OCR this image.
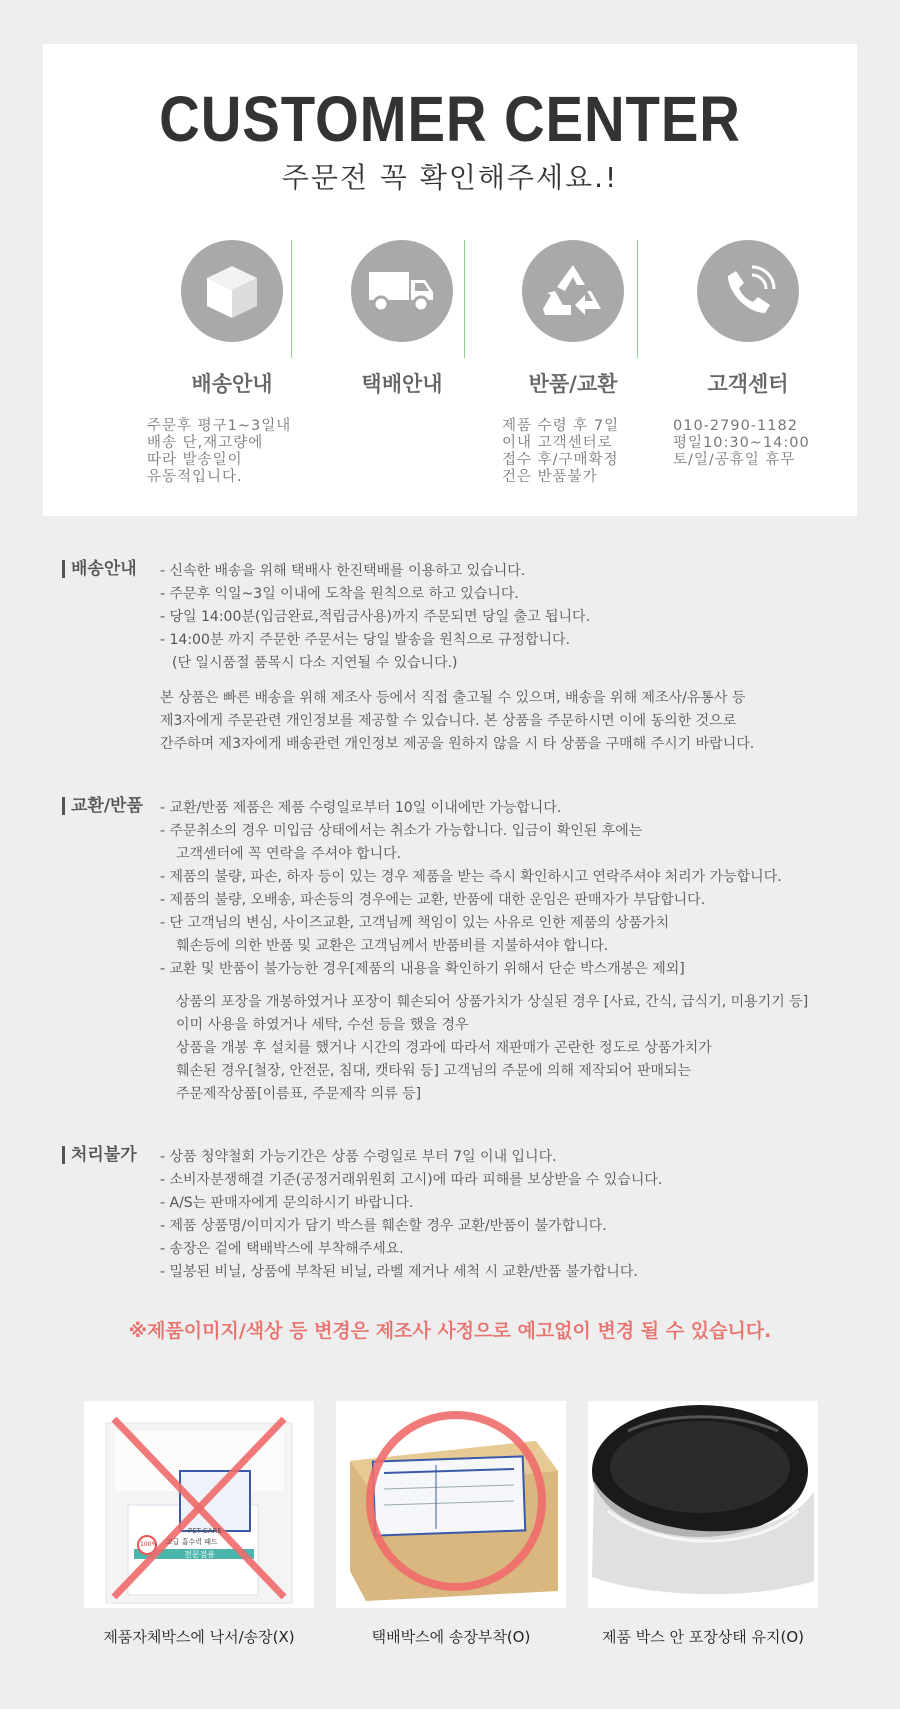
CUSTOMER CENTER
주문전 꼭 확인해주세요.!
배송안내
주문후 평구1~3일내
배송 단,재고량에
따라 발송일이
유동적입니다.
택배안내	반품/교환
제품 수령 후 7일
이내 고객센터로
접수 후/구매확정
건은 반품불가
고객센터
010-2790-1182
평일10:30~14:00
토/일/공휴일 휴무
배송안내 - 신속한 배송을 위해 택배사 한진택배를 이용하고 있습니다.
- 주문후 익일~3일 이내에 도착을 원칙으로 하고 있습니다.
- 당일 14:00분(입금완료,적립금사용)까지 주문되면 당일 출고 됩니다.
- 14:00분 까지 주문한 주문서는 당일 발송을 원칙으로 규정합니다.
(단 일시품절 품목시 다소 지연될 수 있습니다.)
본 상품은 빠른 배송을 위해 제조사 등에서 직접 출고될 수 있으며, 배송을 위해 제조사/유통사 등
제3자에게 주문관련 개인정보를 제공할 수 있습니다. 본 상품을 주문하시면 이에 동의한 것으로
간주하며 제3자에게 배송관련 개인정보 제공을 원하지 않을 시 타 상품을 구매해 주시기 바랍니다.
교환/반품 - 교환/반품 제품은 제품 수령일로부터 10일 이내에만 가능합니다.
- 주문취소의 경우 미입금 상태에서는 취소가 가능합니다. 입금이 확인된 후에는
고객센터에 꼭 연락을 주셔야 합니다.
- 제품의 불량, 파손, 하자 등이 있는 경우 제품을 받는 즉시 확인하시고 연락주셔야 처리가 가능합니다.
- 제품의 불량, 오배송, 파손등의 경우에는 교환, 반품에 대한 운임은 판매자가 부담합니다.
- 단 고객님의 변심, 사이즈교환, 고객님께 책임이 있는 사유로 인한 제품의 상품가치
훼손등에 의한 반품 및 교환은 고객님께서 반품비를 지불하셔야 합니다.
- 교환 및 반품이 불가능한 경우[제품의 내용을 확인하기 위해서 단순 박스개봉은 제외]
상품의 포장을 개봉하였거나 포장이 훼손되어 상품가치가 상실된 경우 [사료, 간식, 급식기, 미용기기 등]
이미 사용을 하였거나 세탁, 수선 등을 했을 경우
상품을 개봉 후 설치를 했거나 시간의 경과에 따라서 재판매가 곤란한 정도로 상품가치가
훼손된 경우[철장, 안전문, 침대, 캣타워 등] 고객님의 주문에 의해 제작되어 판매되는
주문제작상품[이름표, 주문제작 의류 등]
처리불가 - 상품 청약철회 가능기간은 상품 수령일로 부터 7일 이내 입니다.
- 소비자분쟁해결 기준(공정거래위원회 고시)에 따라 피해를 보상받을 수 있습니다.
- A/S는 판매자에게 문의하시기 바랍니다.
- 제품 상품명/이미지가 담기 박스를 훼손할 경우 교환/반품이 불가합니다.
- 송장은 겉에 택배박스에 부착해주세요.
- 밀봉된 비닐, 상품에 부착된 비닐, 라벨 제거나 세척 시 교환/반품 불가합니다.
※제품이미지/색상 등 변경은 제조사 사정으로 예고없이 변경 될 수 있습니다.
PET-CARE
고급 흡수력 패드
전문점용
100%
제품자체박스에 낙서/송장(X)	택배박스에 송장부착(O)	제품 박스 안 포장상태 유지(O)
